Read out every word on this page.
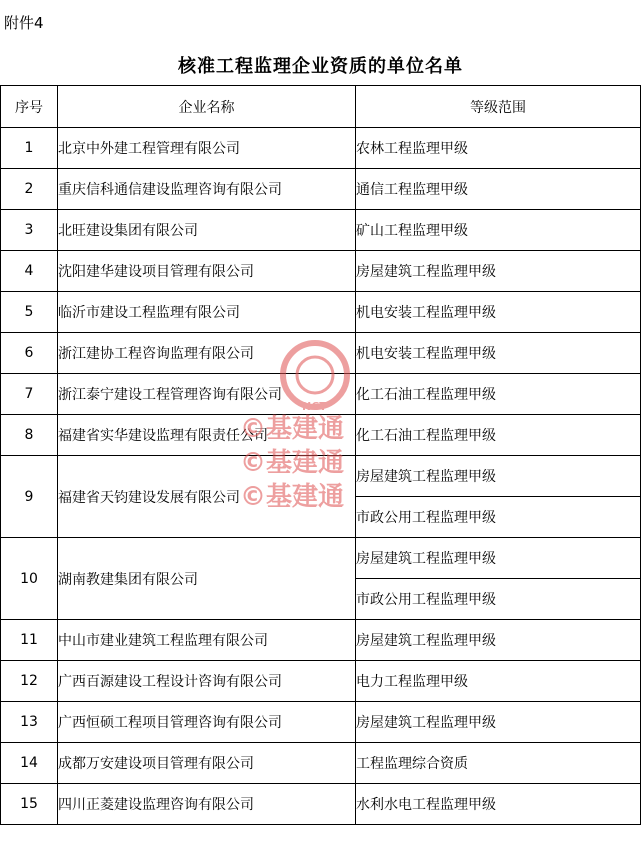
附件4
核准工程监理企业资质的单位名单
序号	企业名称	等级范围
1	北京中外建工程管理有限公司	农林工程监理甲级
2	重庆信科通信建设监理咨询有限公司	通信工程监理甲级
3	北旺建设集团有限公司	矿山工程监理甲级
4	沈阳建华建设项目管理有限公司	房屋建筑工程监理甲级
5	临沂市建设工程监理有限公司	机电安装工程监理甲级
6	浙江建协工程咨询监理有限公司	机电安装工程监理甲级
7	浙江泰宁建设工程管理咨询有限公司	化工石油工程监理甲级
8	福建省实华建设监理有限责任公司	化工石油工程监理甲级
9	福建省天钧建设发展有限公司	房屋建筑工程监理甲级
		市政公用工程监理甲级
10	湖南教建集团有限公司	房屋建筑工程监理甲级
		市政公用工程监理甲级
11	中山市建业建筑工程监理有限公司	房屋建筑工程监理甲级
12	广西百源建设工程设计咨询有限公司	电力工程监理甲级
13	广西恒硕工程项目管理咨询有限公司	房屋建筑工程监理甲级
14	成都万安建设项目管理有限公司	工程监理综合资质
15	四川正菱建设监理咨询有限公司	水利水电工程监理甲级
NCT
©基建通
©基建通
©基建通
